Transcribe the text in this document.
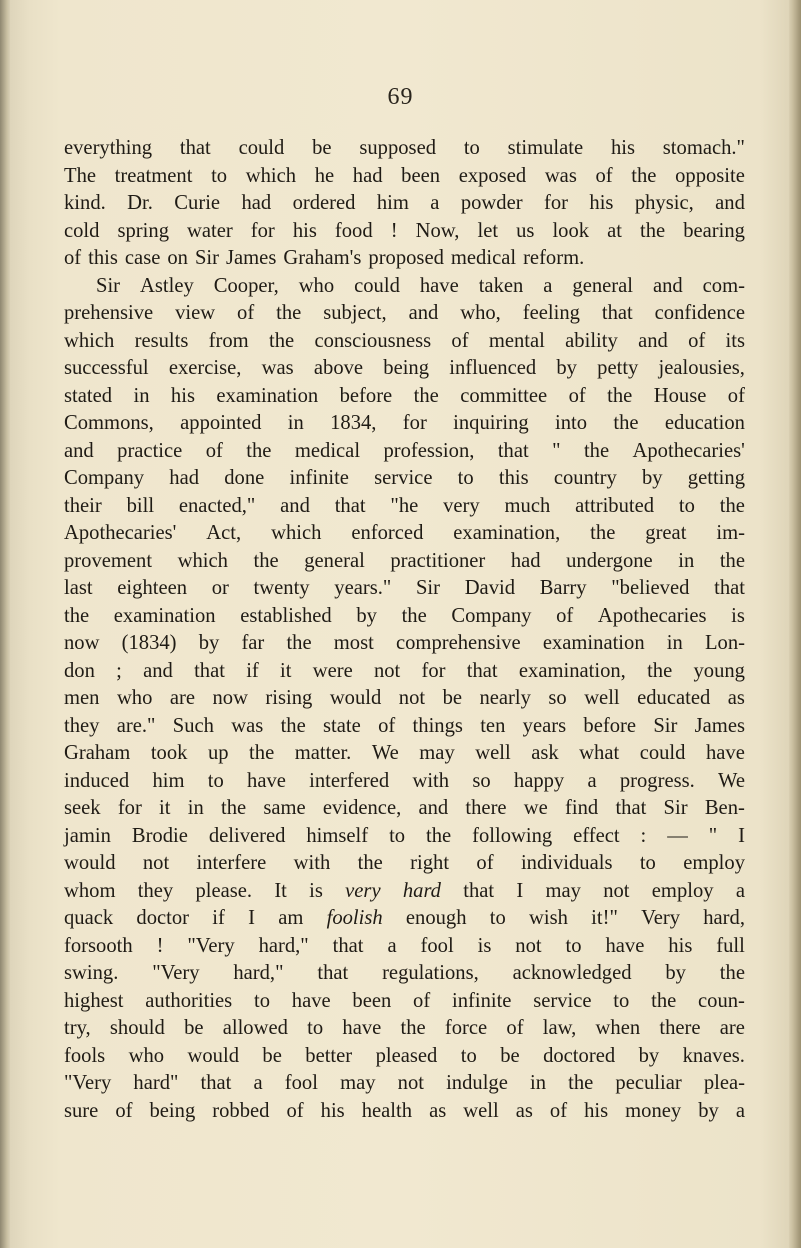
69
everything that could be supposed to stimulate his stomach."
The treatment to which he had been exposed was of the opposite
kind. Dr. Curie had ordered him a powder for his physic, and
cold spring water for his food ! Now, let us look at the bearing
of this case on Sir James Graham's proposed medical reform.
Sir Astley Cooper, who could have taken a general and com-
prehensive view of the subject, and who, feeling that confidence
which results from the consciousness of mental ability and of its
successful exercise, was above being influenced by petty jealousies,
stated in his examination before the committee of the House of
Commons, appointed in 1834, for inquiring into the education
and practice of the medical profession, that " the Apothecaries'
Company had done infinite service to this country by getting
their bill enacted," and that "he very much attributed to the
Apothecaries' Act, which enforced examination, the great im-
provement which the general practitioner had undergone in the
last eighteen or twenty years." Sir David Barry "believed that
the examination established by the Company of Apothecaries is
now (1834) by far the most comprehensive examination in Lon-
don ; and that if it were not for that examination, the young
men who are now rising would not be nearly so well educated as
they are." Such was the state of things ten years before Sir James
Graham took up the matter. We may well ask what could have
induced him to have interfered with so happy a progress. We
seek for it in the same evidence, and there we find that Sir Ben-
jamin Brodie delivered himself to the following effect : — " I
would not interfere with the right of individuals to employ
whom they please. It is very hard that I may not employ a
quack doctor if I am foolish enough to wish it!" Very hard,
forsooth ! "Very hard," that a fool is not to have his full
swing. "Very hard," that regulations, acknowledged by the
highest authorities to have been of infinite service to the coun-
try, should be allowed to have the force of law, when there are
fools who would be better pleased to be doctored by knaves.
"Very hard" that a fool may not indulge in the peculiar plea-
sure of being robbed of his health as well as of his money by a
